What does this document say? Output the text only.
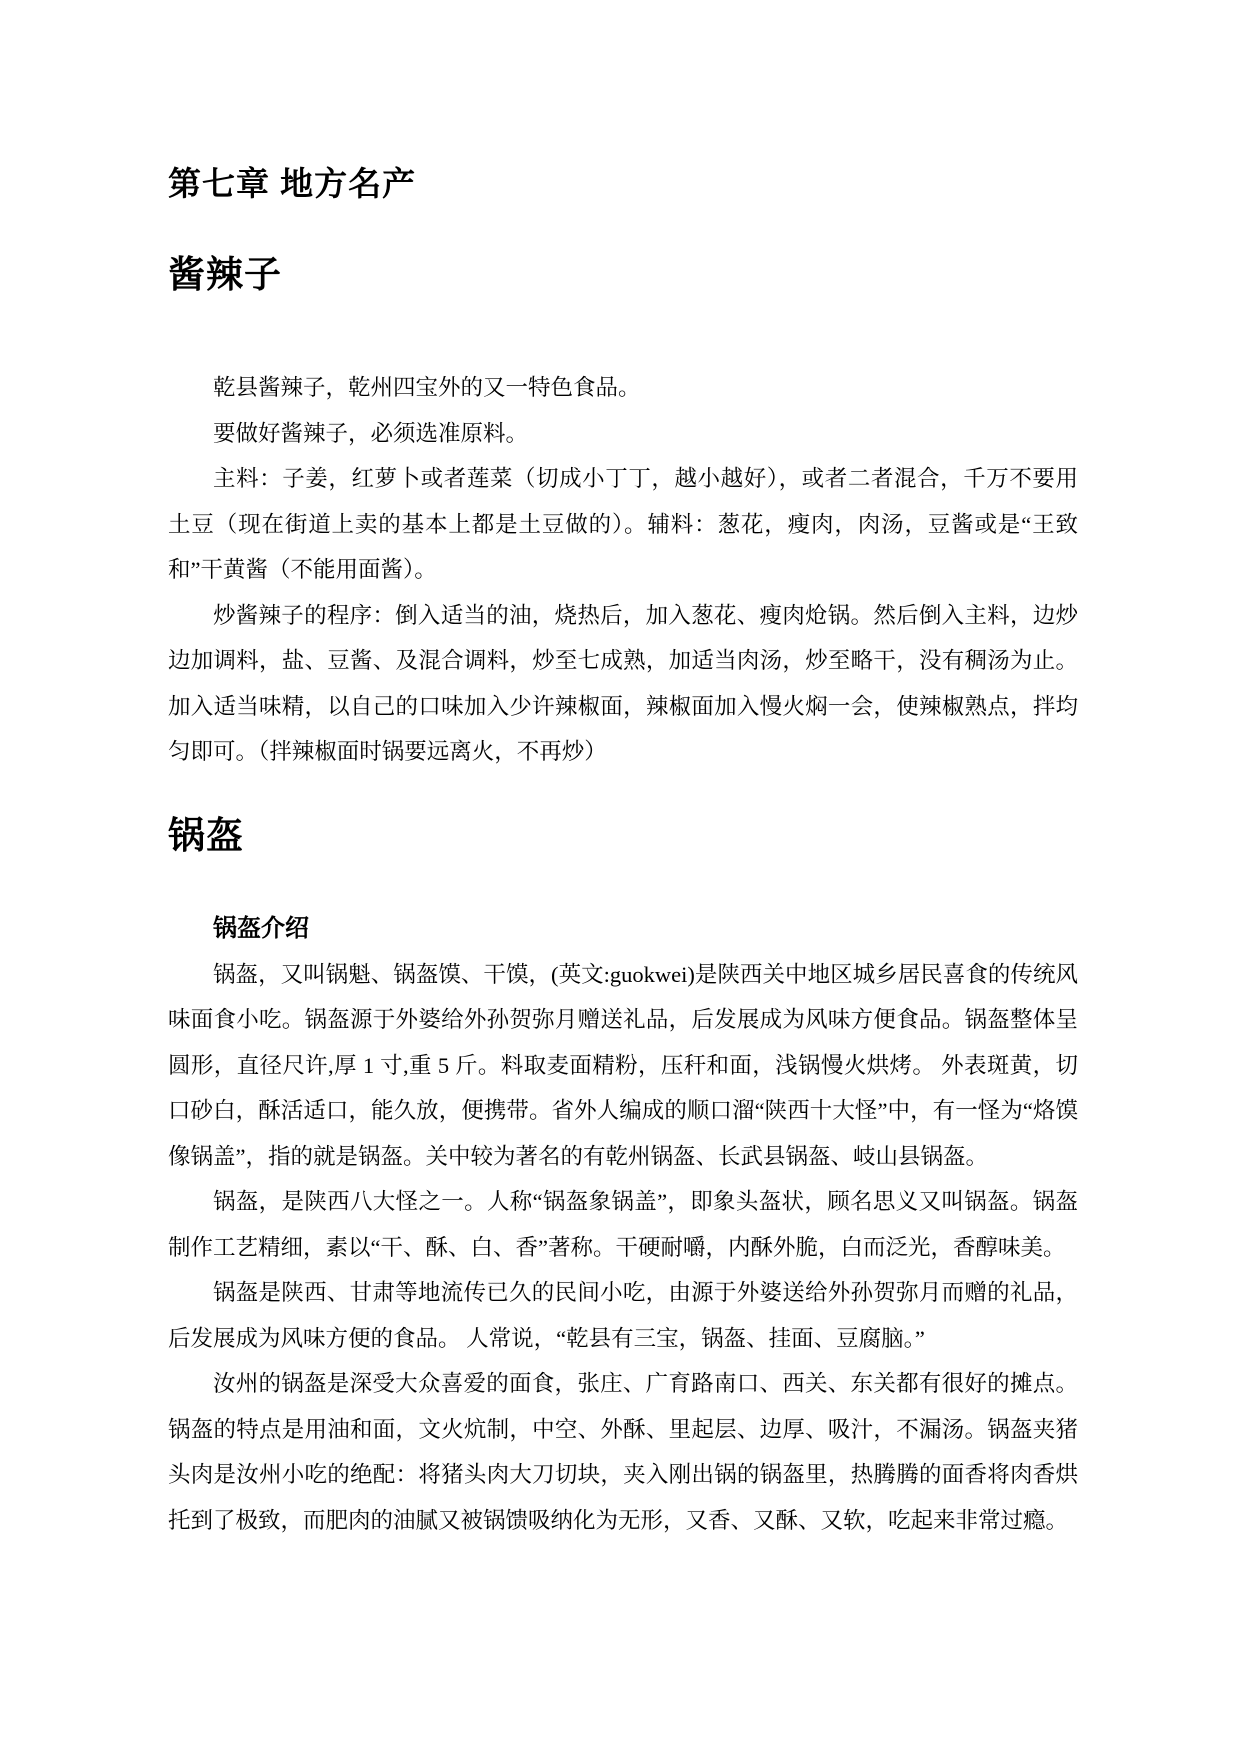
第七章 地方名产
酱辣子

乾县酱辣子，乾州四宝外的又一特色食品。

要做好酱辣子，必须选准原料。

主料：子姜，红萝卜或者莲菜（切成小丁丁，越小越好），或者二者混合，千万不要用土豆（现在街道上卖的基本上都是土豆做的）。辅料：葱花，瘦肉，肉汤，豆酱或是“王致和”干黄酱（不能用面酱）。

炒酱辣子的程序：倒入适当的油，烧热后，加入葱花、瘦肉炝锅。然后倒入主料，边炒边加调料，盐、豆酱、及混合调料，炒至七成熟，加适当肉汤，炒至略干，没有稠汤为止。加入适当味精，以自己的口味加入少许辣椒面，辣椒面加入慢火焖一会，使辣椒熟点，拌均匀即可。（拌辣椒面时锅要远离火，不再炒）

锅盔
锅盔介绍

锅盔，又叫锅魁、锅盔馍、干馍，(英文:guokwei)是陕西关中地区城乡居民喜食的传统风味面食小吃。锅盔源于外婆给外孙贺弥月赠送礼品，后发展成为风味方便食品。锅盔整体呈圆形，直径尺许,厚 1 寸,重 5 斤。料取麦面精粉，压秆和面，浅锅慢火烘烤。 外表斑黄，切口砂白，酥活适口，能久放，便携带。省外人编成的顺口溜“陕西十大怪”中，有一怪为“烙馍像锅盖”，指的就是锅盔。关中较为著名的有乾州锅盔、长武县锅盔、岐山县锅盔。

锅盔，是陕西八大怪之一。人称“锅盔象锅盖”，即象头盔状，顾名思义又叫锅盔。锅盔制作工艺精细，素以“干、酥、白、香”著称。干硬耐嚼，内酥外脆，白而泛光，香醇味美。

锅盔是陕西、甘肃等地流传已久的民间小吃，由源于外婆送给外孙贺弥月而赠的礼品，后发展成为风味方便的食品。 人常说，“乾县有三宝，锅盔、挂面、豆腐脑。”

汝州的锅盔是深受大众喜爱的面食，张庄、广育路南口、西关、东关都有很好的摊点。锅盔的特点是用油和面，文火炕制，中空、外酥、里起层、边厚、吸汁，不漏汤。锅盔夹猪头肉是汝州小吃的绝配：将猪头肉大刀切块，夹入刚出锅的锅盔里，热腾腾的面香将肉香烘托到了极致，而肥肉的油腻又被锅馈吸纳化为无形，又香、又酥、又软，吃起来非常过瘾。
